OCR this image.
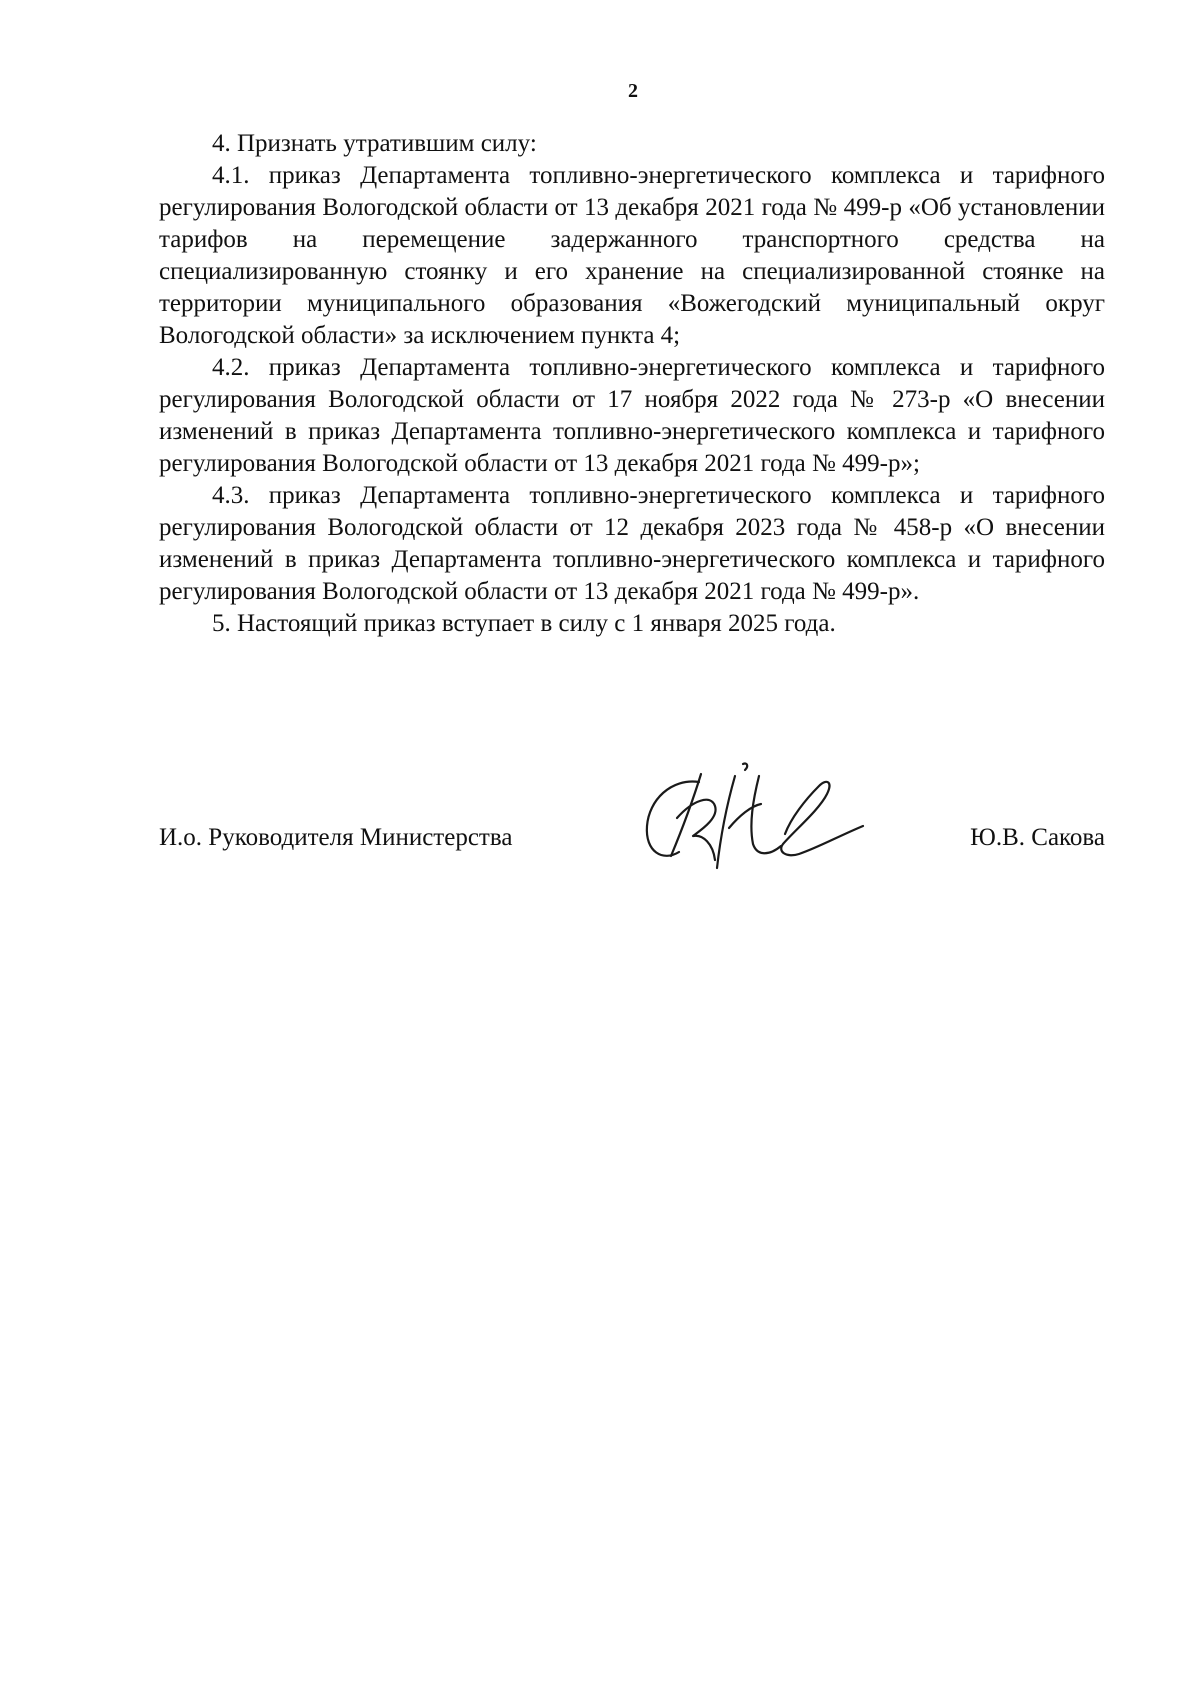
2

4. Признать утратившим силу:

4.1. приказ Департамента топливно-энергетического комплекса и тарифного регулирования Вологодской области от 13 декабря 2021 года № 499-р «Об установлении тарифов на перемещение задержанного транспортного средства на специализированную стоянку и его хранение на специализированной стоянке на территории муниципального образования «Вожегодский муниципальный округ Вологодской области» за исключением пункта 4;

4.2. приказ Департамента топливно-энергетического комплекса и тарифного регулирования Вологодской области от 17 ноября 2022 года № 273-р «О внесении изменений в приказ Департамента топливно-энергетического комплекса и тарифного регулирования Вологодской области от 13 декабря 2021 года № 499-р»;

4.3. приказ Департамента топливно-энергетического комплекса и тарифного регулирования Вологодской области от 12 декабря 2023 года № 458-р «О внесении изменений в приказ Департамента топливно-энергетического комплекса и тарифного регулирования Вологодской области от 13 декабря 2021 года № 499-р».

5. Настоящий приказ вступает в силу с 1 января 2025 года.

И.о. Руководителя Министерства	Ю.В. Сакова
